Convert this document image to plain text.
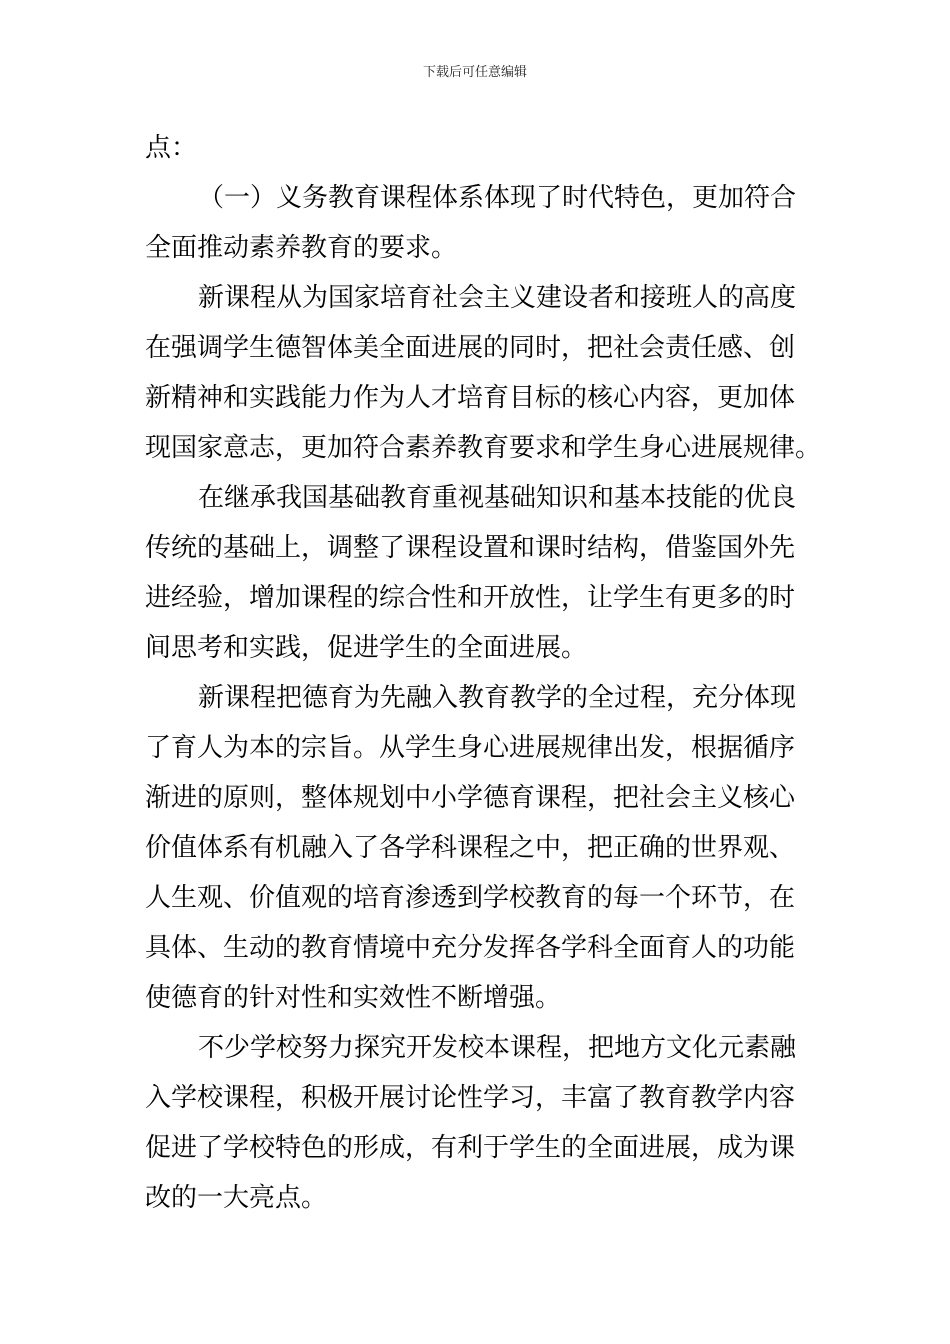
下载后可任意编辑
点：
（一）义务教育课程体系体现了时代特色，更加符合
全面推动素养教育的要求。
新课程从为国家培育社会主义建设者和接班人的高度
在强调学生德智体美全面进展的同时，把社会责任感、创
新精神和实践能力作为人才培育目标的核心内容，更加体
现国家意志，更加符合素养教育要求和学生身心进展规律。
在继承我国基础教育重视基础知识和基本技能的优良
传统的基础上，调整了课程设置和课时结构，借鉴国外先
进经验，增加课程的综合性和开放性，让学生有更多的时
间思考和实践，促进学生的全面进展。
新课程把德育为先融入教育教学的全过程，充分体现
了育人为本的宗旨。从学生身心进展规律出发，根据循序
渐进的原则，整体规划中小学德育课程，把社会主义核心
价值体系有机融入了各学科课程之中，把正确的世界观、
人生观、价值观的培育渗透到学校教育的每一个环节，在
具体、生动的教育情境中充分发挥各学科全面育人的功能
使德育的针对性和实效性不断增强。
不少学校努力探究开发校本课程，把地方文化元素融
入学校课程，积极开展讨论性学习，丰富了教育教学内容
促进了学校特色的形成，有利于学生的全面进展，成为课
改的一大亮点。
